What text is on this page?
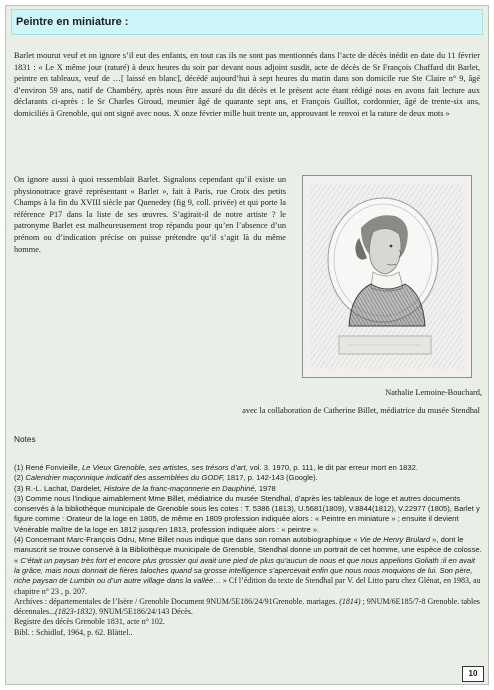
Peintre en miniature :

Barlet mourut veuf et on ignore s’il eut des enfants, en tout cas ils ne sont pas mentionnés dans l’acte de décès inédit en date du 11 février 1831 : « Le X même jour (raturé) à deux heures du soir par devant nous adjoint susdit, acte de décès de Sr François Chaffard dit Barlet, peintre en tableaux, veuf de …[ laissé en blanc], décédé aujourd’hui à sept heures du matin dans son domicile rue Ste Claire n° 9, âgé d’environ 59 ans, natif de Chambéry, après nous être assuré du dit décès et le présent acte étant rédigé nous en avons fait lecture aux déclarants ci-après : le Sr Charles Giroud, meunier âgé de quarante sept ans, et François Guillot, cordonnier, âgé de trente-six ans, domiciliés à Grenoble, qui ont signé avec nous. X onze février mille huit trente un, approuvant le renvoi et la rature de deux mots »

On ignore aussi à quoi ressemblait Barlet. Signalons cependant qu’il existe un physionotrace gravé représentant « Barlet », fait à Paris, rue Croix des petits Champs à la fin du XVIII siècle par Quenedey (fig 9, coll. privée) et qui porte la référence P17 dans la liste de ses œuvres. S’agirait-il de notre artiste ? le patronyme Barlet est malheureusement trop répandu pour qu’en l’absence d’un prénom ou d’indication précise on puisse prétendre qu’il s’agit là du même homme.

Nathalie Lemoine-Bouchard,

avec la collaboration de Catherine Billet, médiatrice du musée Stendhal

Notes

(1) René Fonvieille, Le Vieux Grenoble, ses artistes, ses trésors d’art, vol. 3. 1970, p. 111, le dit par erreur mort en 1832.
(2) Calendrier maçonnique indicatif des assemblées du GODF, 1817, p. 142-143 (Google).
(3) R.-L. Lachat, Dardelet, Histoire de la franc-maçonnerie en Dauphiné, 1978
(3) Comme nous l’indique aimablement Mme Billet, médiatrice du musée Stendhal, d’après les tableaux de loge et autres documents conservés à la bibliothèque municipale de Grenoble sous les cotes : T. 5386 (1813), U.5681(1809), V.8844(1812), V.22977 (1805), Barlet y figure comme : Orateur de la loge en 1805, de même en 1809 profession indiquée alors : « Peintre en miniature » ; ensuite il devient Vénérable maître de la loge en 1812 jusqu’en 1813, profession indiquée alors : « peintre ».
(4) Concernant Marc-François Odru, Mme Billet nous indique que dans son roman autobiographique « Vie de Henry Brulard », dont le manuscrit se trouve conservé à la Bibliothèque municipale de Grenoble, Stendhal donne un portrait de cet homme, une espèce de colosse. « C’était un paysan très fort et encore plus grossier qui avait une pied de plus qu’aucun de nous et que nous appelions Goliath :il en avait la grâce, mais nous donnait de fières taloches quand sa grosse intelligence s’apercevait enfin que nous nous moquions de lui. Son père, riche paysan de Lumbin ou d’un autre village dans la vallée… » Cf l’édition du texte de Stendhal par V. del Litto paru chez Glénat, en 1983, au chapitre n° 23 , p. 207.
Archives : départementales de l’Isère / Grenoble Document 9NUM/5E186/24/91Grenoble. mariages. (1814) ; 9NUM/6E185/7-8 Grenoble. tables décennales...(1823-1832). 9NUM/5E186/24/143 Décès.
Registre des décès Grenoble 1831, acte n° 102.
Bibl. : Schidlof, 1964, p. 62. Blättel..
10
